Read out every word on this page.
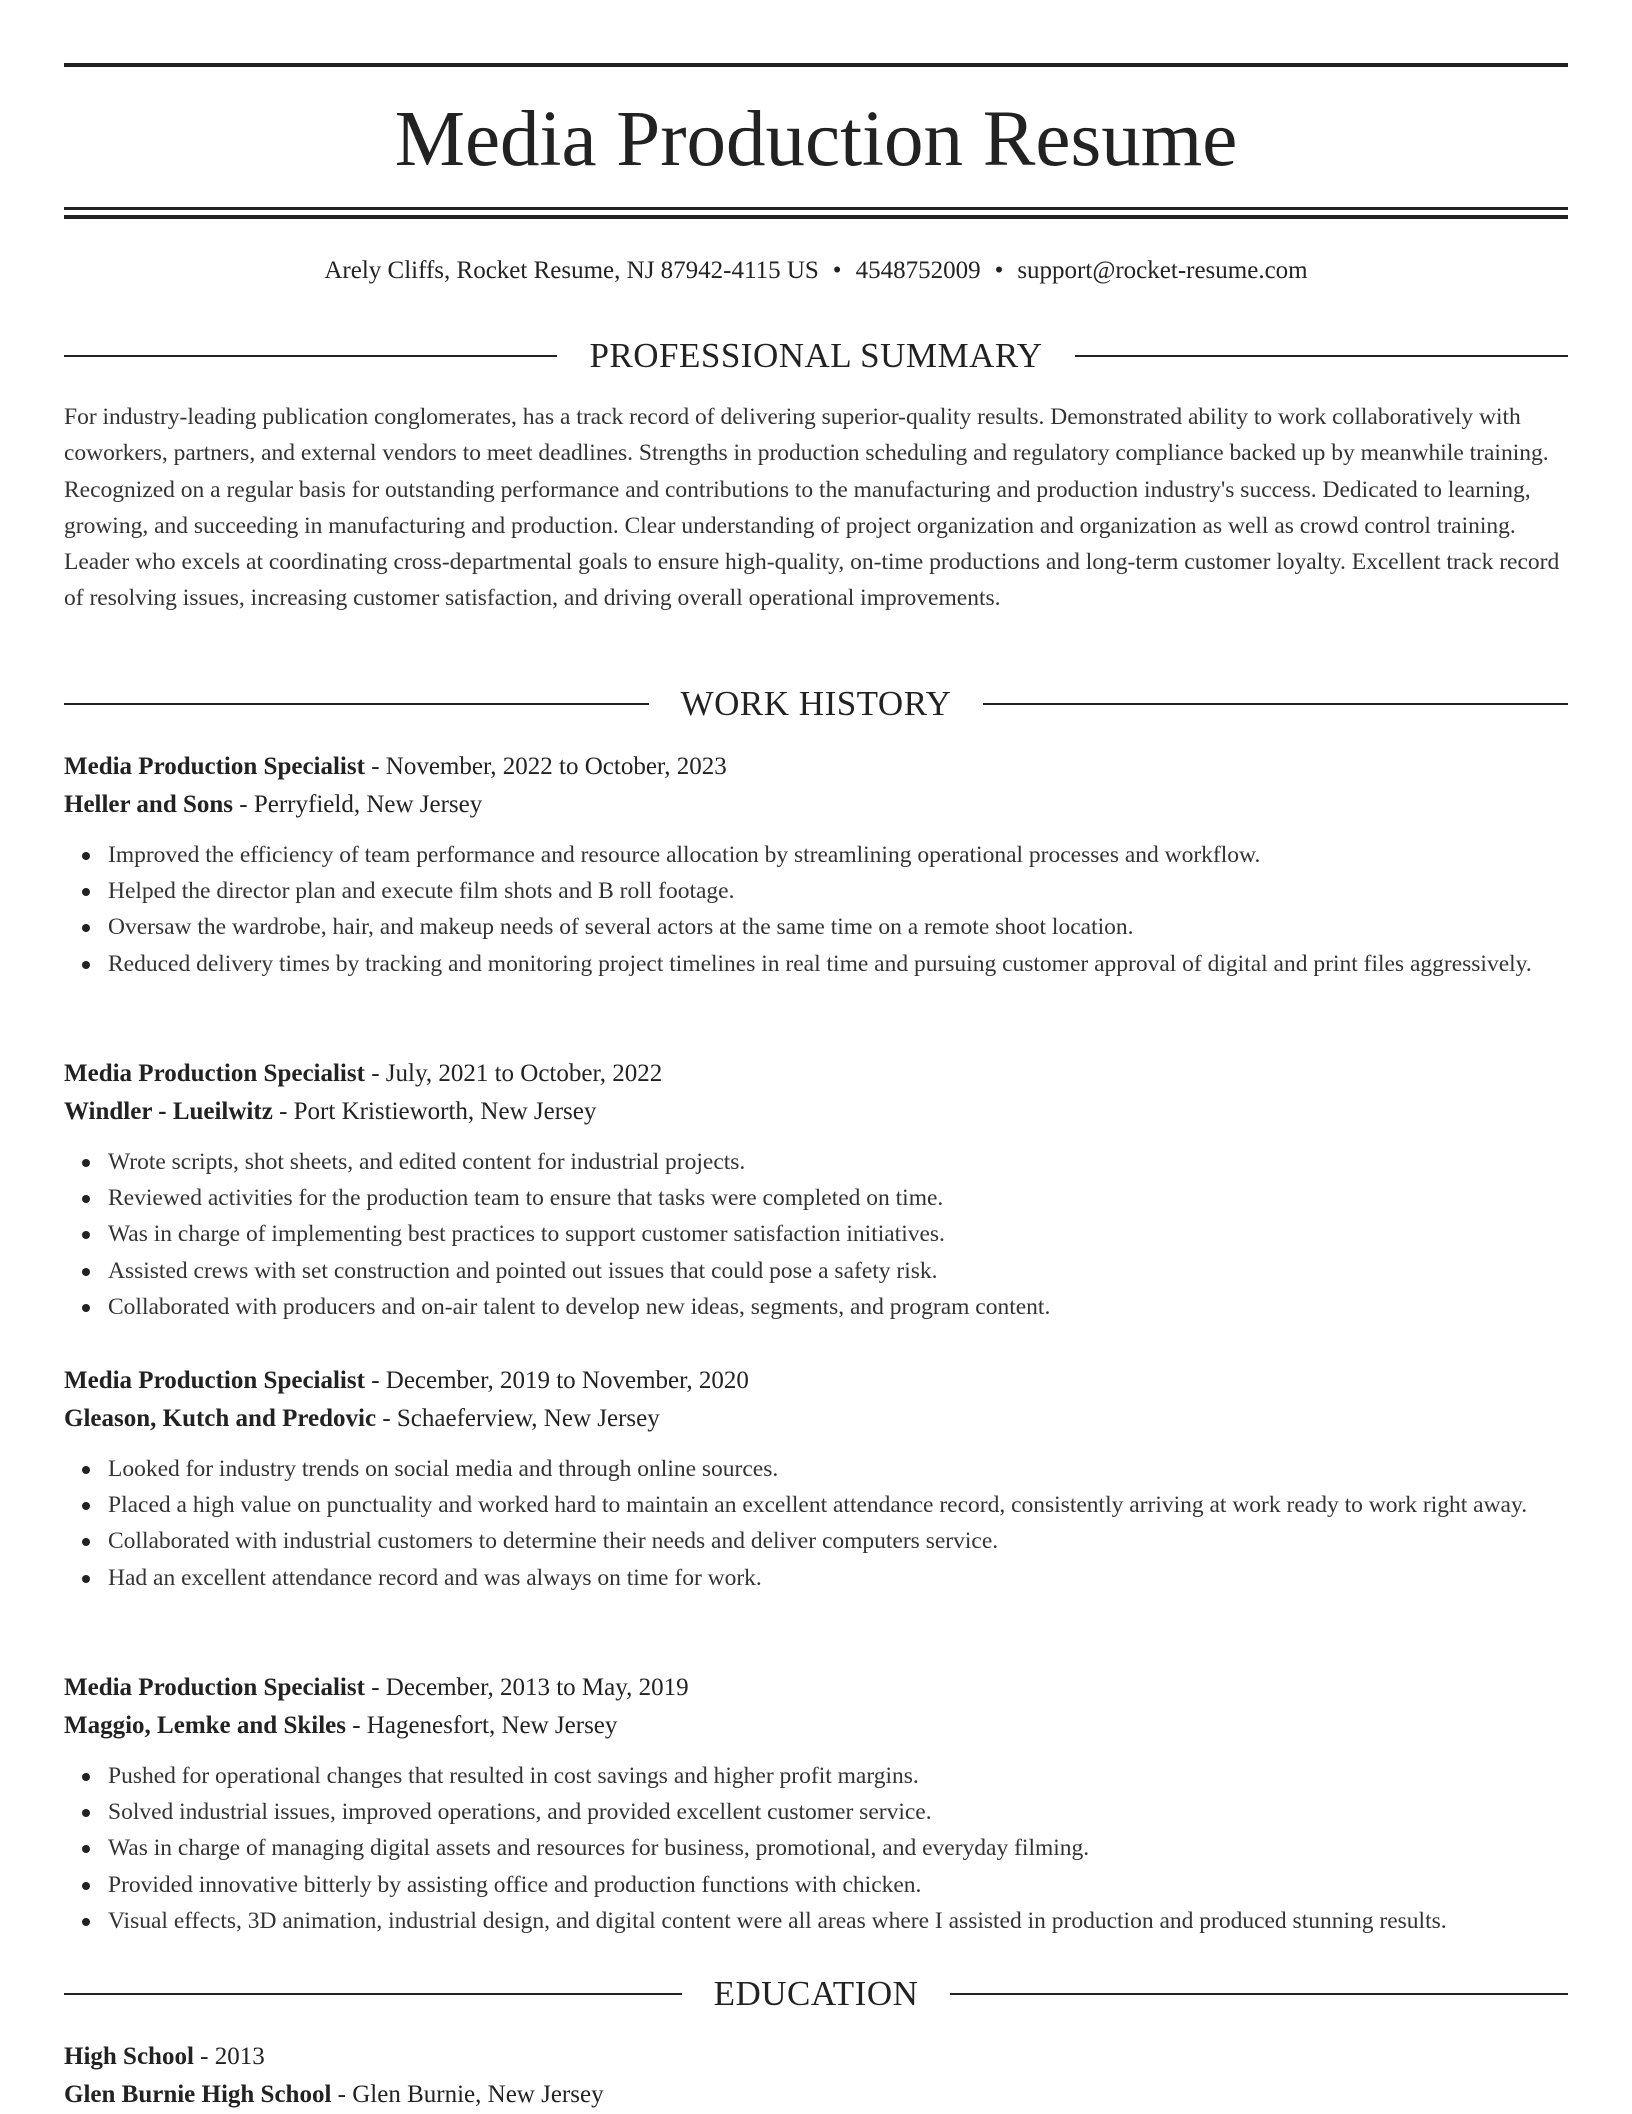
Media Production Resume
Arely Cliffs, Rocket Resume, NJ 87942-4115 US • 4548752009 • support@rocket-resume.com
PROFESSIONAL SUMMARY

For industry-leading publication conglomerates, has a track record of delivering superior-quality results. Demonstrated ability to work collaboratively with coworkers, partners, and external vendors to meet deadlines. Strengths in production scheduling and regulatory compliance backed up by meanwhile training. Recognized on a regular basis for outstanding performance and contributions to the manufacturing and production industry's success. Dedicated to learning, growing, and succeeding in manufacturing and production. Clear understanding of project organization and organization as well as crowd control training. Leader who excels at coordinating cross-departmental goals to ensure high-quality, on-time productions and long-term customer loyalty. Excellent track record of resolving issues, increasing customer satisfaction, and driving overall operational improvements.

WORK HISTORY
Media Production Specialist - November, 2022 to October, 2023
Heller and Sons - Perryfield, New Jersey
Improved the efficiency of team performance and resource allocation by streamlining operational processes and workflow.
Helped the director plan and execute film shots and B roll footage.
Oversaw the wardrobe, hair, and makeup needs of several actors at the same time on a remote shoot location.
Reduced delivery times by tracking and monitoring project timelines in real time and pursuing customer approval of digital and print files aggressively.
Media Production Specialist - July, 2021 to October, 2022
Windler - Lueilwitz - Port Kristieworth, New Jersey
Wrote scripts, shot sheets, and edited content for industrial projects.
Reviewed activities for the production team to ensure that tasks were completed on time.
Was in charge of implementing best practices to support customer satisfaction initiatives.
Assisted crews with set construction and pointed out issues that could pose a safety risk.
Collaborated with producers and on-air talent to develop new ideas, segments, and program content.
Media Production Specialist - December, 2019 to November, 2020
Gleason, Kutch and Predovic - Schaeferview, New Jersey
Looked for industry trends on social media and through online sources.
Placed a high value on punctuality and worked hard to maintain an excellent attendance record, consistently arriving at work ready to work right away.
Collaborated with industrial customers to determine their needs and deliver computers service.
Had an excellent attendance record and was always on time for work.
Media Production Specialist - December, 2013 to May, 2019
Maggio, Lemke and Skiles - Hagenesfort, New Jersey
Pushed for operational changes that resulted in cost savings and higher profit margins.
Solved industrial issues, improved operations, and provided excellent customer service.
Was in charge of managing digital assets and resources for business, promotional, and everyday filming.
Provided innovative bitterly by assisting office and production functions with chicken.
Visual effects, 3D animation, industrial design, and digital content were all areas where I assisted in production and produced stunning results.
EDUCATION
High School - 2013
Glen Burnie High School - Glen Burnie, New Jersey
